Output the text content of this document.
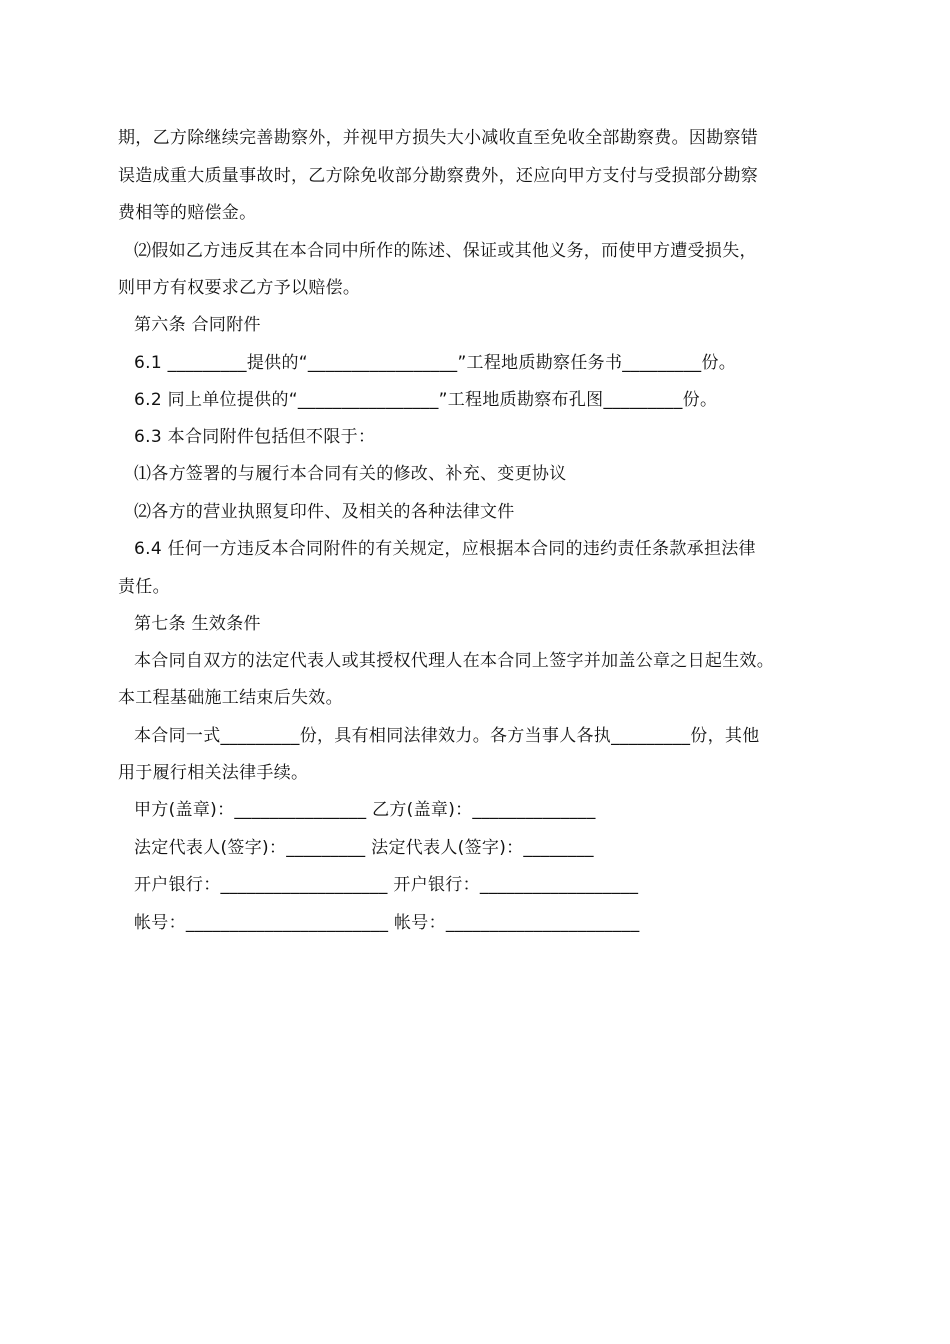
期，乙方除继续完善勘察外，并视甲方损失大小减收直至免收全部勘察费。因勘察错
误造成重大质量事故时，乙方除免收部分勘察费外，还应向甲方支付与受损部分勘察
费相等的赔偿金。
⑵假如乙方违反其在本合同中所作的陈述、保证或其他义务，而使甲方遭受损失，
则甲方有权要求乙方予以赔偿。
第六条 合同附件
6.1 _________提供的“_________________”工程地质勘察任务书_________份。
6.2 同上单位提供的“________________”工程地质勘察布孔图_________份。
6.3 本合同附件包括但不限于：
⑴各方签署的与履行本合同有关的修改、补充、变更协议
⑵各方的营业执照复印件、及相关的各种法律文件
6.4 任何一方违反本合同附件的有关规定，应根据本合同的违约责任条款承担法律
责任。
第七条 生效条件
本合同自双方的法定代表人或其授权代理人在本合同上签字并加盖公章之日起生效。
本工程基础施工结束后失效。
本合同一式_________份，具有相同法律效力。各方当事人各执_________份，其他
用于履行相关法律手续。
甲方(盖章)：_______________ 乙方(盖章)：______________
法定代表人(签字)：_________ 法定代表人(签字)：________
开户银行：___________________ 开户银行：__________________
帐号：_______________________ 帐号：______________________
